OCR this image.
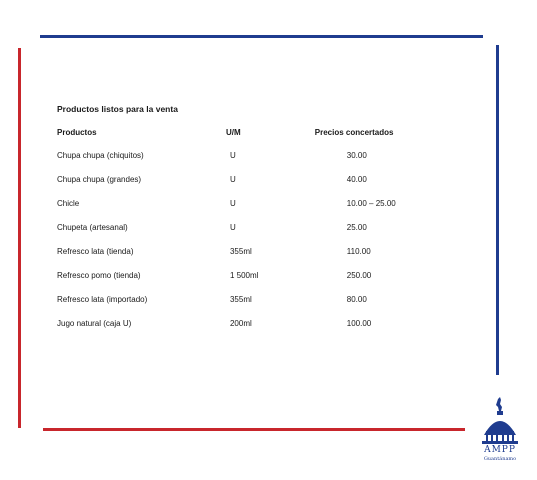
Productos listos para la venta
Productos	U/M	Precios concertados
Chupa chupa (chiquitos)	U	30.00
Chupa chupa (grandes)	U	40.00
Chicle	U	10.00 – 25.00
Chupeta (artesanal)	U	25.00
Refresco lata (tienda)	355ml	110.00
Refresco pomo (tienda)	1 500ml	250.00
Refresco lata (importado)	355ml	80.00
Jugo natural (caja U)	200ml	100.00
AMPP
Guantánamo
